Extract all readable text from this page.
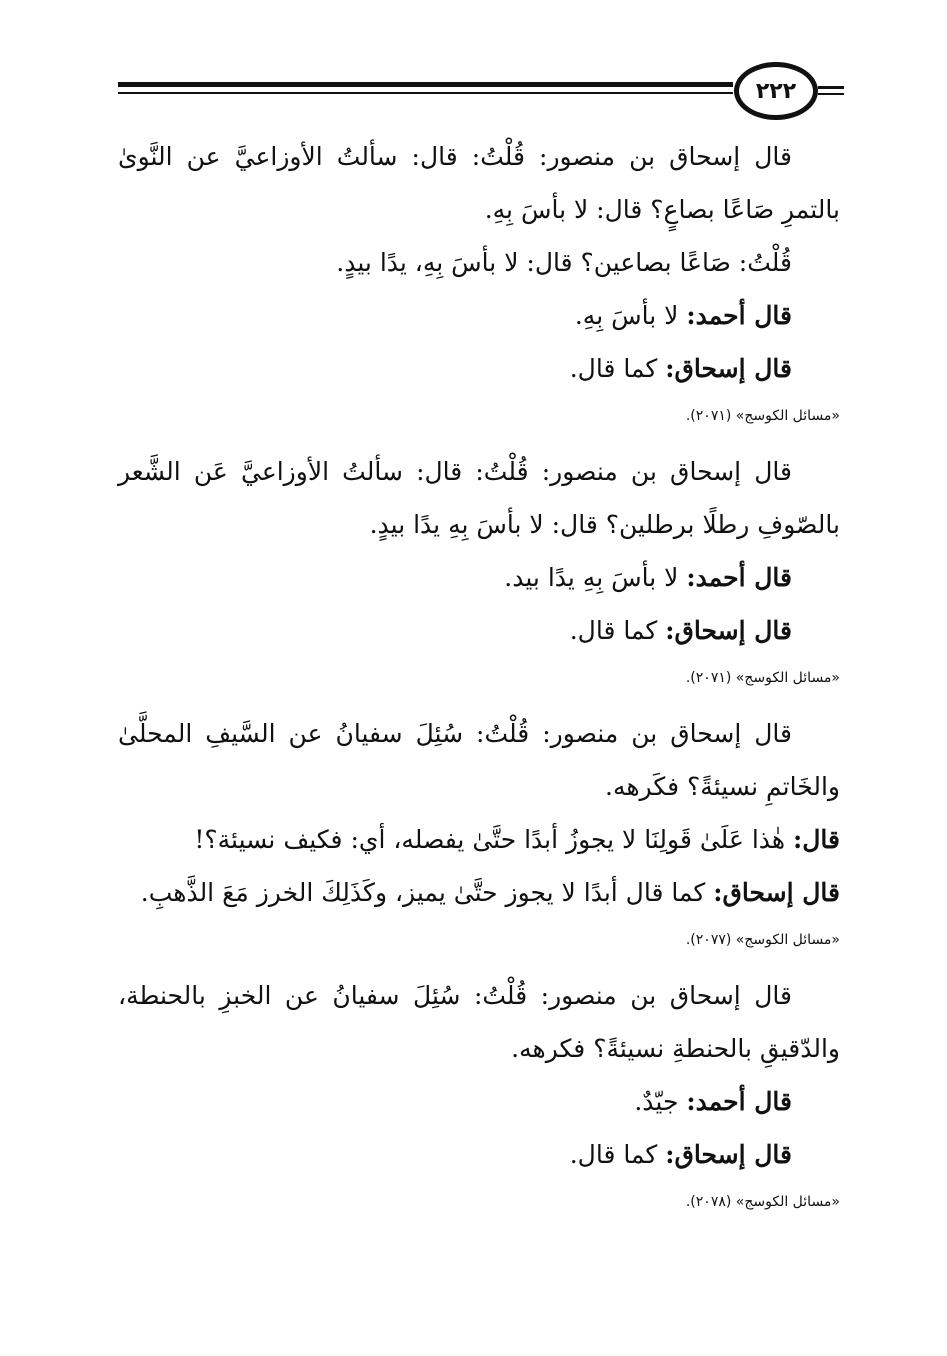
٢٢٢

قال إسحاق بن منصور: قُلْتُ: قال: سألتُ الأوزاعيَّ عن النَّوىٰ بالتمرِ صَاعًا بصاعٍ؟ قال: لا بأسَ بِهِ.

قُلْتُ: صَاعًا بصاعين؟ قال: لا بأسَ بِهِ، يدًا بيدٍ.

قال أحمد: لا بأسَ بِهِ.

قال إسحاق: كما قال.

«مسائل الكوسج» (٢٠٧١).

قال إسحاق بن منصور: قُلْتُ: قال: سألتُ الأوزاعيَّ عَن الشَّعر بالصّوفِ رطلًا برطلين؟ قال: لا بأسَ بِهِ يدًا بيدٍ.

قال أحمد: لا بأسَ بِهِ يدًا بيد.

قال إسحاق: كما قال.

«مسائل الكوسج» (٢٠٧١).

قال إسحاق بن منصور: قُلْتُ: سُئِلَ سفيانُ عن السَّيفِ المحلَّىٰ والخَاتمِ نسيئةً؟ فكَرهه.

قال: هٰذا عَلَىٰ قَولِنَا لا يجوزُ أبدًا حتَّىٰ يفصله، أي: فكيف نسيئة؟!

قال إسحاق: كما قال أبدًا لا يجوز حتَّىٰ يميز، وكَذَلِكَ الخرز مَعَ الذَّهبِ.

«مسائل الكوسج» (٢٠٧٧).

قال إسحاق بن منصور: قُلْتُ: سُئِلَ سفيانُ عن الخبزِ بالحنطة، والدّقيقِ بالحنطةِ نسيئةً؟ فكرهه.

قال أحمد: جيّدٌ.

قال إسحاق: كما قال.

«مسائل الكوسج» (٢٠٧٨).
